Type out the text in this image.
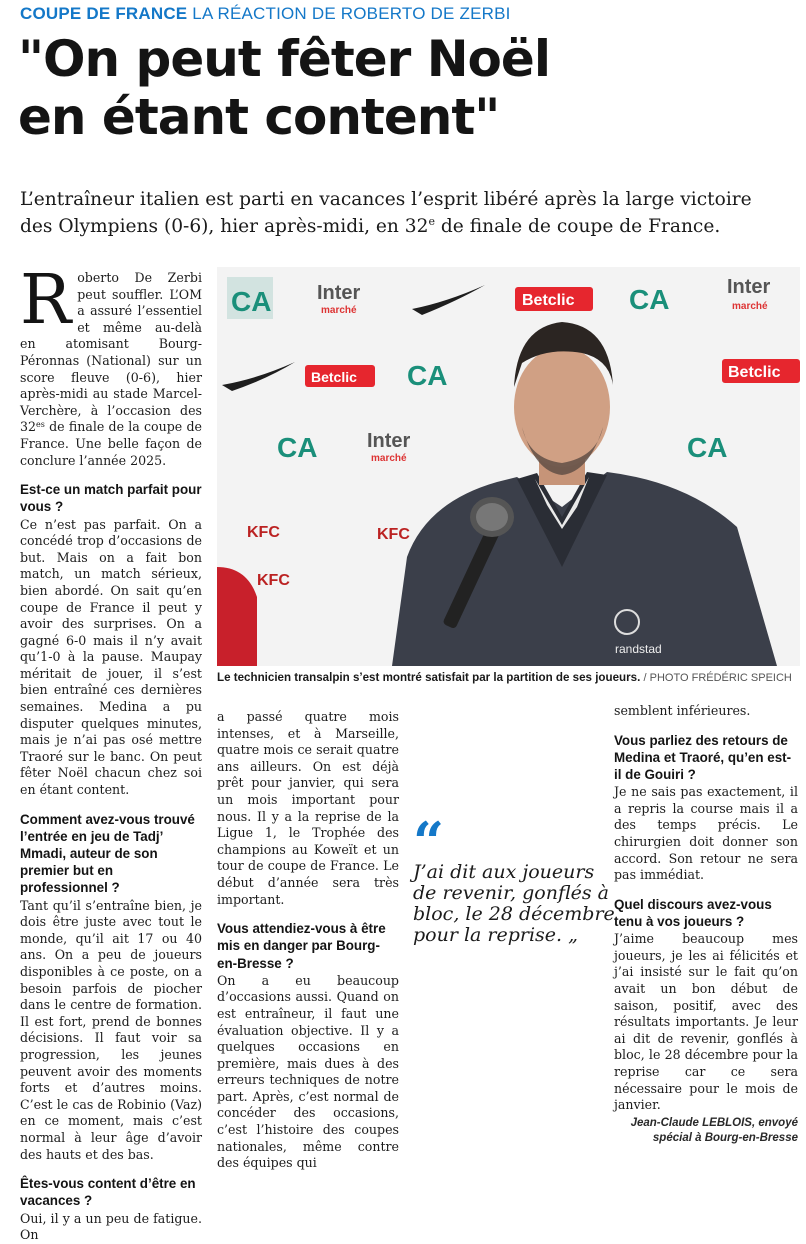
COUPE DE FRANCE LA RÉACTION DE ROBERTO DE ZERBI
"On peut fêter Noël
en étant content"
L’entraîneur italien est parti en vacances l’esprit libéré après la large victoire
des Olympiens (0-6), hier après-midi, en 32e de finale de coupe de France.

Roberto De Zerbi peut souffler. L’OM a assuré l’essentiel et même au-delà en atomisant Bourg-Péronnas (National) sur un score fleuve (0-6), hier après-midi au stade Marcel-Verchère, à l’occasion des $32^{es}$ de finale de la coupe de France. Une belle façon de conclure l’année 2025.

Est-ce un match parfait pour vous ?

Ce n’est pas parfait. On a concédé trop d’occasions de but. Mais on a fait bon match, un match sérieux, bien abordé. On sait qu’en coupe de France il peut y avoir des surprises. On a gagné 6-0 mais il n’y avait qu’1-0 à la pause. Maupay méritait de jouer, il s’est bien entraîné ces dernières semaines. Medina a pu disputer quelques minutes, mais je n’ai pas osé mettre Traoré sur le banc. On peut fêter Noël chacun chez soi en étant content.

Comment avez-vous trouvé l’entrée en jeu de Tadj’ Mmadi, auteur de son premier but en professionnel ?

Tant qu’il s’entraîne bien, je dois être juste avec tout le monde, qu’il ait 17 ou 40 ans. On a peu de joueurs disponibles à ce poste, on a besoin parfois de piocher dans le centre de formation. Il est fort, prend de bonnes décisions. Il faut voir sa progression, les jeunes peuvent avoir des moments forts et d’autres moins. C’est le cas de Robinio (Vaz) en ce moment, mais c’est normal à leur âge d’avoir des hauts et des bas.

Êtes-vous content d’être en vacances ?

Oui, il y a un peu de fatigue. On

CA Inter
marché
Betclic CA	Inter
marché
Betclic CA	Betclic
CA Inter
marché	CA
KFC	KFC
KFC
randstad
Le technicien transalpin s’est montré satisfait par la partition de ses joueurs. / PHOTO FRÉDÉRIC SPEICH

a passé quatre mois intenses, et à Marseille, quatre mois ce serait quatre ans ailleurs. On est déjà prêt pour janvier, qui sera un mois important pour nous. Il y a la reprise de la Ligue 1, le Trophée des champions au Koweït et un tour de coupe de France. Le début d’année sera très important.

Vous attendiez-vous à être mis en danger par Bourg-en-Bresse ?

On a eu beaucoup d’occasions aussi. Quand on est entraîneur, il faut une évaluation objective. Il y a quelques occasions en première, mais dues à des erreurs techniques de notre part. Après, c’est normal de concéder des occasions, c’est l’histoire des coupes nationales, même contre des équipes qui

“
J’ai dit aux joueurs
de revenir, gonflés à
bloc, le 28 décembre
pour la reprise. „

semblent inférieures.

Vous parliez des retours de Medina et Traoré, qu’en est-il de Gouiri ?

Je ne sais pas exactement, il a repris la course mais il a des temps précis. Le chirurgien doit donner son accord. Son retour ne sera pas immédiat.

Quel discours avez-vous tenu à vos joueurs ?

J’aime beaucoup mes joueurs, je les ai félicités et j’ai insisté sur le fait qu’on avait un bon début de saison, positif, avec des résultats importants. Je leur ai dit de revenir, gonflés à bloc, le 28 décembre pour la reprise car ce sera nécessaire pour le mois de janvier.

Jean-Claude LEBLOIS, envoyé
spécial à Bourg-en-Bresse
